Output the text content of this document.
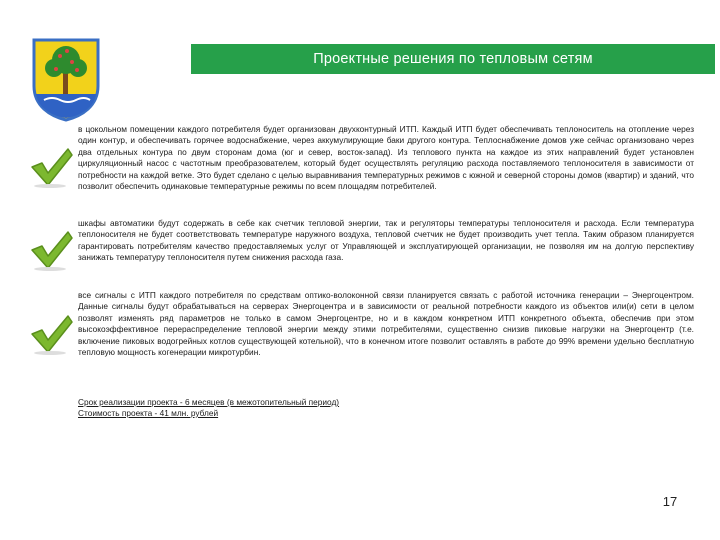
Проектные решения по тепловым сетям

в цокольном помещении каждого потребителя будет организован двухконтурный ИТП. Каждый ИТП будет обеспечивать теплоноситель на отопление через один контур, и обеспечивать горячее водоснабжение, через аккумулирующие баки другого контура. Теплоснабжение домов уже сейчас организовано через два отдельных контура по двум сторонам дома (юг и север, восток-запад). Из теплового пункта на каждое из этих направлений будет установлен циркуляционный насос с частотным преобразователем, который будет осуществлять регуляцию расхода поставляемого теплоносителя в зависимости от потребности на каждой ветке. Это будет сделано с целью выравнивания температурных режимов с южной и северной стороны домов (квартир) и зданий, что позволит обеспечить одинаковые температурные режимы по всем площадям потребителей.

шкафы автоматики будут содержать в себе как счетчик тепловой энергии, так и регуляторы температуры теплоносителя и расхода. Если температура теплоносителя не будет соответствовать температуре наружного воздуха, тепловой счетчик не будет производить учет тепла. Таким образом планируется гарантировать потребителям качество предоставляемых услуг от Управляющей и эксплуатирующей организации, не позволяя им на долгую перспективу занижать температуру теплоносителя путем снижения расхода газа.

все сигналы с ИТП каждого потребителя по средствам оптико-волоконной связи планируется связать с работой источника генерации – Энергоцентром. Данные сигналы будут обрабатываться на серверах Энергоцентра и в зависимости от реальной потребности каждого из объектов или(и) сети в целом позволят изменять ряд параметров не только в самом Энергоцентре, но и в каждом конкретном ИТП конкретного объекта, обеспечив при этом высокоэффективное перераспределение тепловой энергии между этими потребителями, существенно снизив пиковые нагрузки на Энергоцентр (т.е. включение пиковых водогрейных котлов существующей котельной), что в конечном итоге позволит оставлять в работе до 99% времени удельно бесплатную тепловую мощность когенерации микротурбин.

Срок реализации проекта - 6 месяцев (в межотопительный период)

Стоимость проекта - 41 млн. рублей

17
